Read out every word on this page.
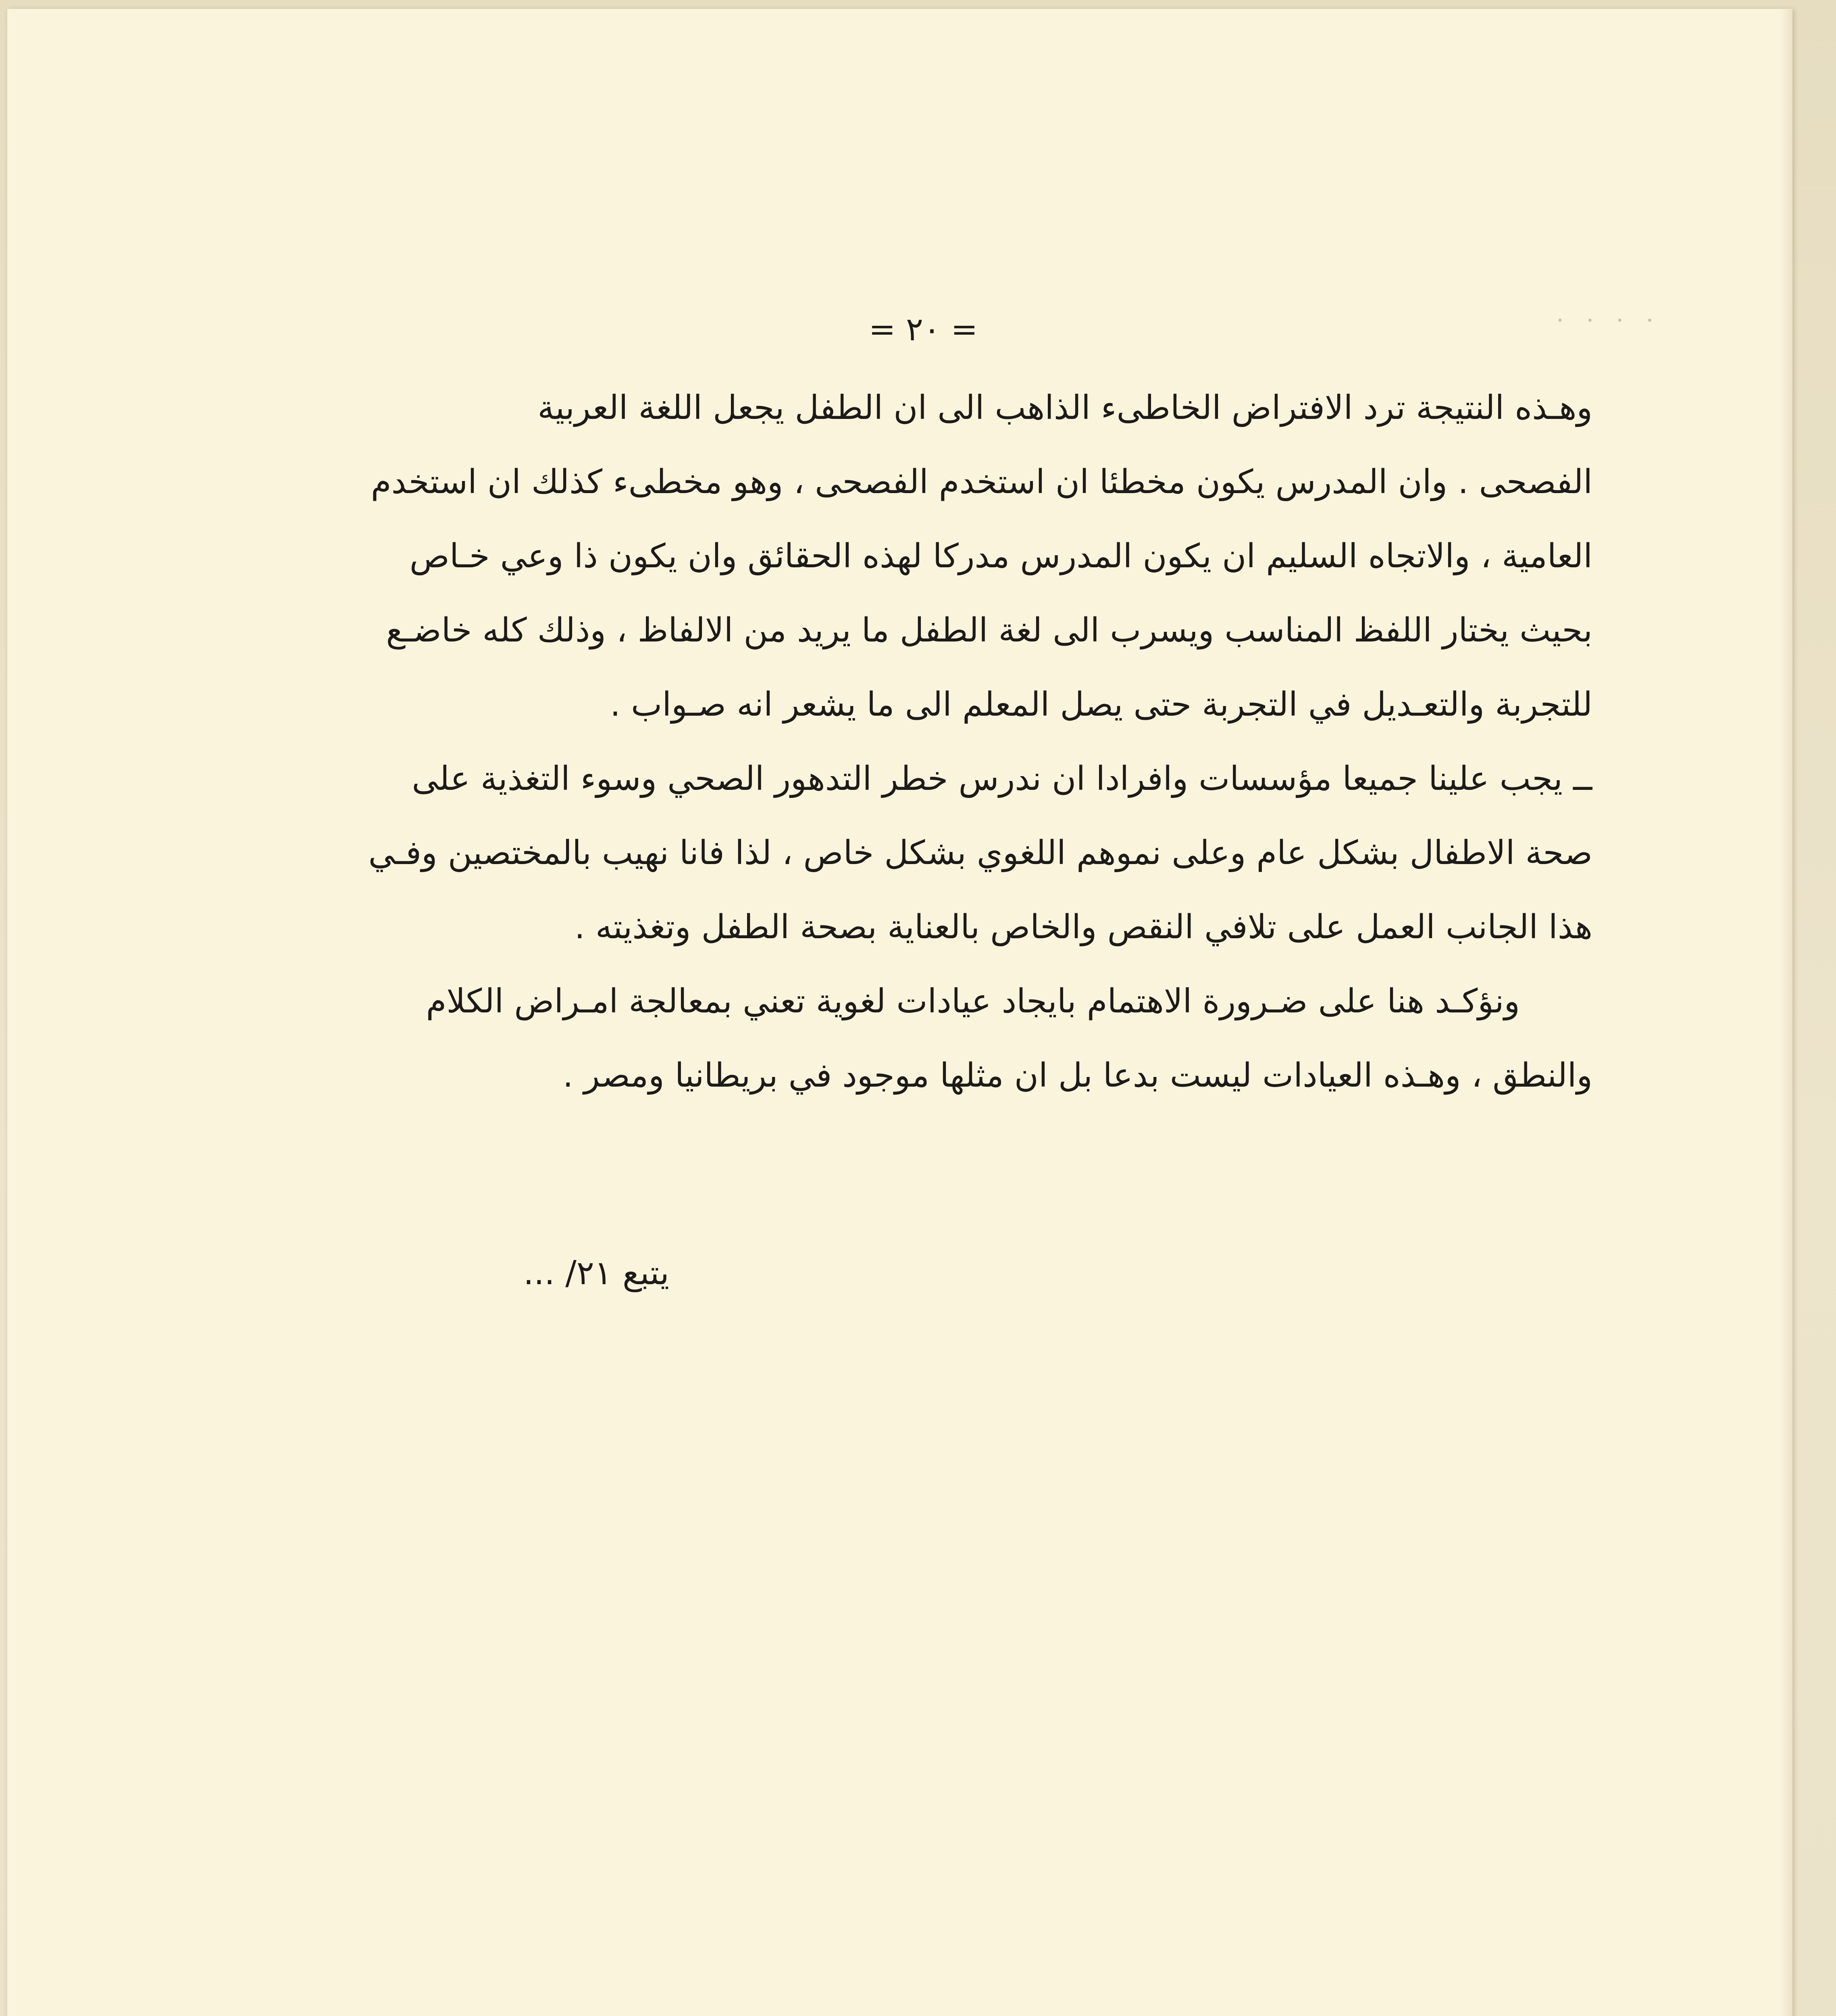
= ٢٠ =	· · · ·
وهـذه النتيجة ترد الافتراض الخاطىء الذاهب الى ان الطفل يجعل اللغة العربية
الفصحى . وان المدرس يكون مخطئا ان استخدم الفصحى ، وهو مخطىء كذلك ان استخدم
العامية ، والاتجاه السليم ان يكون المدرس مدركا لهذه الحقائق وان يكون ذا وعي خـاص
بحيث يختار اللفظ المناسب ويسرب الى لغة الطفل ما يريد من الالفاظ ، وذلك كله خاضـع
للتجربة والتعـديل في التجربة حتى يصل المعلم الى ما يشعر انه صـواب .
ــ يجب علينا جميعا مؤسسات وافرادا ان ندرس خطر التدهور الصحي وسوء التغذية على
صحة الاطفال بشكل عام وعلى نموهم اللغوي بشكل خاص ، لذا فانا نهيب بالمختصين وفـي
هذا الجانب العمل على تلافي النقص والخاص بالعناية بصحة الطفل وتغذيته .
ونؤكـد هنا على ضـرورة الاهتمام بايجاد عيادات لغوية تعني بمعالجة امـراض الكلام
والنطق ، وهـذه العيادات ليست بدعا بل ان مثلها موجود في بريطانيا ومصر .
يتبع ٢١/ ...
